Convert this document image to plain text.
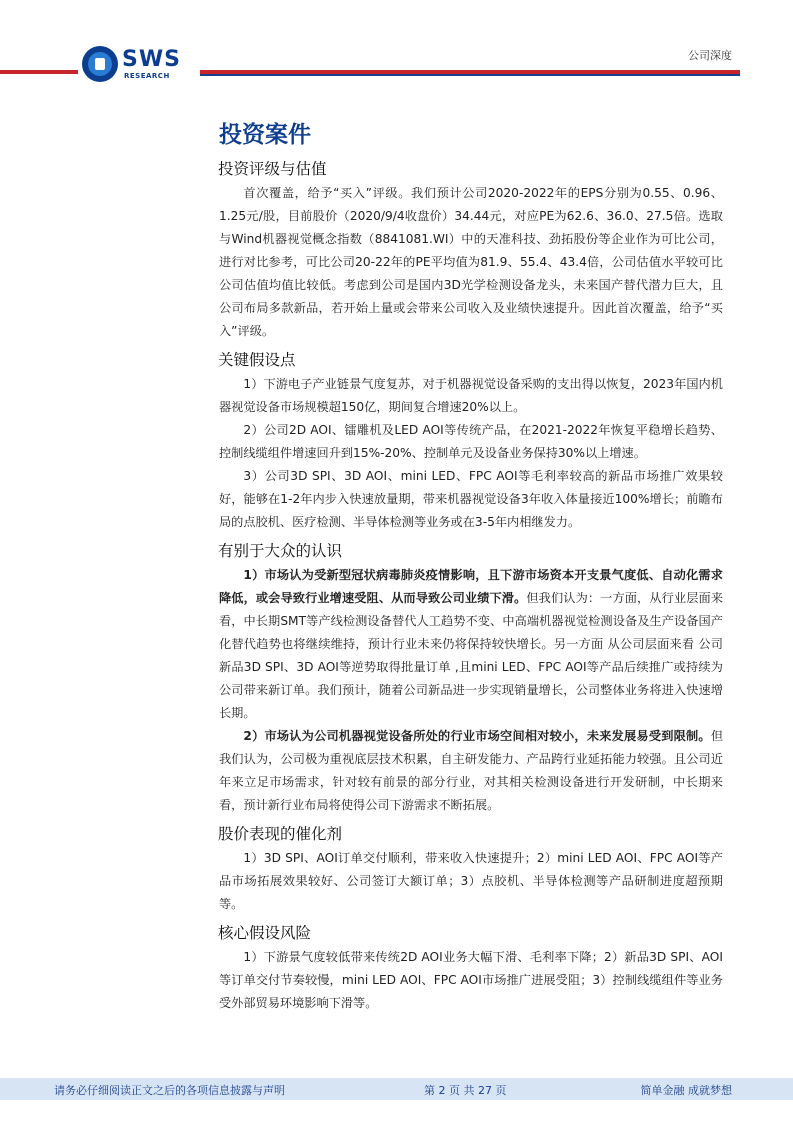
SWS
RESEARCH
公司深度
投资案件
投资评级与估值

首次覆盖，给予“买入”评级。我们预计公司2020-2022年的EPS分别为0.55、0.96、1.25元/股，目前股价（2020/9/4收盘价）34.44元，对应PE为62.6、36.0、27.5倍。选取与Wind机器视觉概念指数（8841081.WI）中的天准科技、劲拓股份等企业作为可比公司，进行对比参考，可比公司20-22年的PE平均值为81.9、55.4、43.4倍，公司估值水平较可比公司估值均值比较低。考虑到公司是国内3D光学检测设备龙头，未来国产替代潜力巨大，且公司布局多款新品，若开始上量或会带来公司收入及业绩快速提升。因此首次覆盖，给予“买入”评级。

关键假设点

1）下游电子产业链景气度复苏，对于机器视觉设备采购的支出得以恢复，2023年国内机器视觉设备市场规模超150亿，期间复合增速20%以上。

2）公司2D AOI、镭雕机及LED AOI等传统产品，在2021-2022年恢复平稳增长趋势、控制线缆组件增速回升到15%-20%、控制单元及设备业务保持30%以上增速。

3）公司3D SPI、3D AOI、mini LED、FPC AOI等毛利率较高的新品市场推广效果较好，能够在1-2年内步入快速放量期，带来机器视觉设备3年收入体量接近100%增长；前瞻布局的点胶机、医疗检测、半导体检测等业务或在3-5年内相继发力。

有别于大众的认识

1）市场认为受新型冠状病毒肺炎疫情影响，且下游市场资本开支景气度低、自动化需求降低，或会导致行业增速受阻、从而导致公司业绩下滑。但我们认为：一方面，从行业层面来看，中长期SMT等产线检测设备替代人工趋势不变、中高端机器视觉检测设备及生产设备国产化替代趋势也将继续维持，预计行业未来仍将保持较快增长。另一方面 从公司层面来看 公司新品3D SPI、3D AOI等逆势取得批量订单 ,且mini LED、FPC AOI等产品后续推广或持续为公司带来新订单。我们预计，随着公司新品进一步实现销量增长，公司整体业务将进入快速增长期。

2）市场认为公司机器视觉设备所处的行业市场空间相对较小，未来发展易受到限制。但我们认为，公司极为重视底层技术积累，自主研发能力、产品跨行业延拓能力较强。且公司近年来立足市场需求，针对较有前景的部分行业，对其相关检测设备进行开发研制，中长期来看，预计新行业布局将使得公司下游需求不断拓展。

股价表现的催化剂

1）3D SPI、AOI订单交付顺利，带来收入快速提升；2）mini LED AOI、FPC AOI等产品市场拓展效果较好、公司签订大额订单；3）点胶机、半导体检测等产品研制进度超预期等。

核心假设风险

1）下游景气度较低带来传统2D AOI业务大幅下滑、毛利率下降；2）新品3D SPI、AOI等订单交付节奏较慢，mini LED AOI、FPC AOI市场推广进展受阻；3）控制线缆组件等业务受外部贸易环境影响下滑等。

请务必仔细阅读正文之后的各项信息披露与声明	第 2 页 共 27 页	简单金融 成就梦想
